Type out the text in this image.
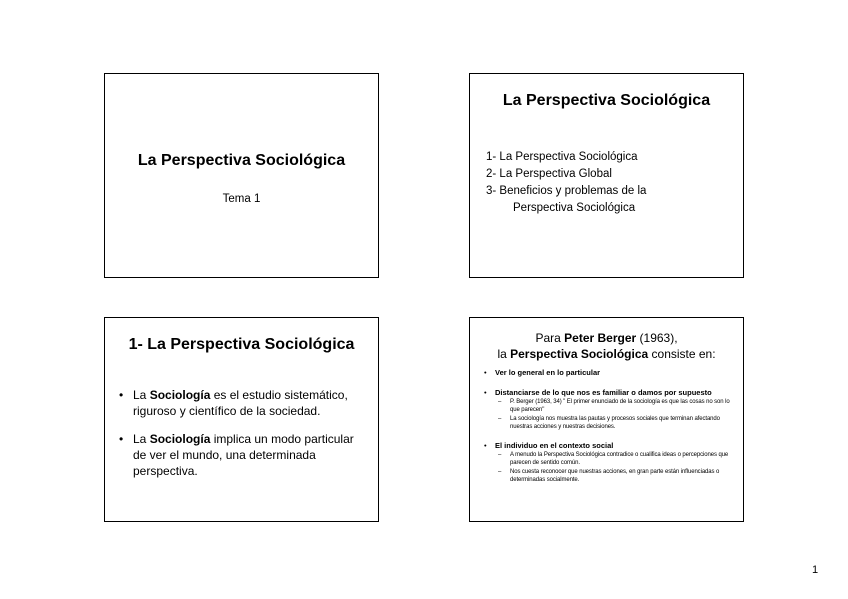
La Perspectiva Sociológica
Tema 1
La Perspectiva Sociológica
1- La Perspectiva Sociológica
2- La Perspectiva Global
3- Beneficios y problemas de la
Perspectiva Sociológica
1- La Perspectiva Sociológica
• La Sociología es el estudio sistemático, riguroso y científico de la sociedad.
• La Sociología implica un modo particular de ver el mundo, una determinada perspectiva.
Para Peter Berger (1963),
la Perspectiva Sociológica consiste en:
• Ver lo general en lo particular
• Distanciarse de lo que nos es familiar o damos por supuesto
– P. Berger (1963, 34) " El primer enunciado de la sociología es que las cosas no son lo que parecen"
– La sociología nos muestra las pautas y procesos sociales que terminan afectando nuestras acciones y nuestras decisiones.
• El individuo en el contexto social
– A menudo la Perspectiva Sociológica contradice o cualifica ideas o percepciones que parecen de sentido común.
– Nos cuesta reconocer que nuestras acciones, en gran parte están influenciadas o determinadas socialmente.
1
